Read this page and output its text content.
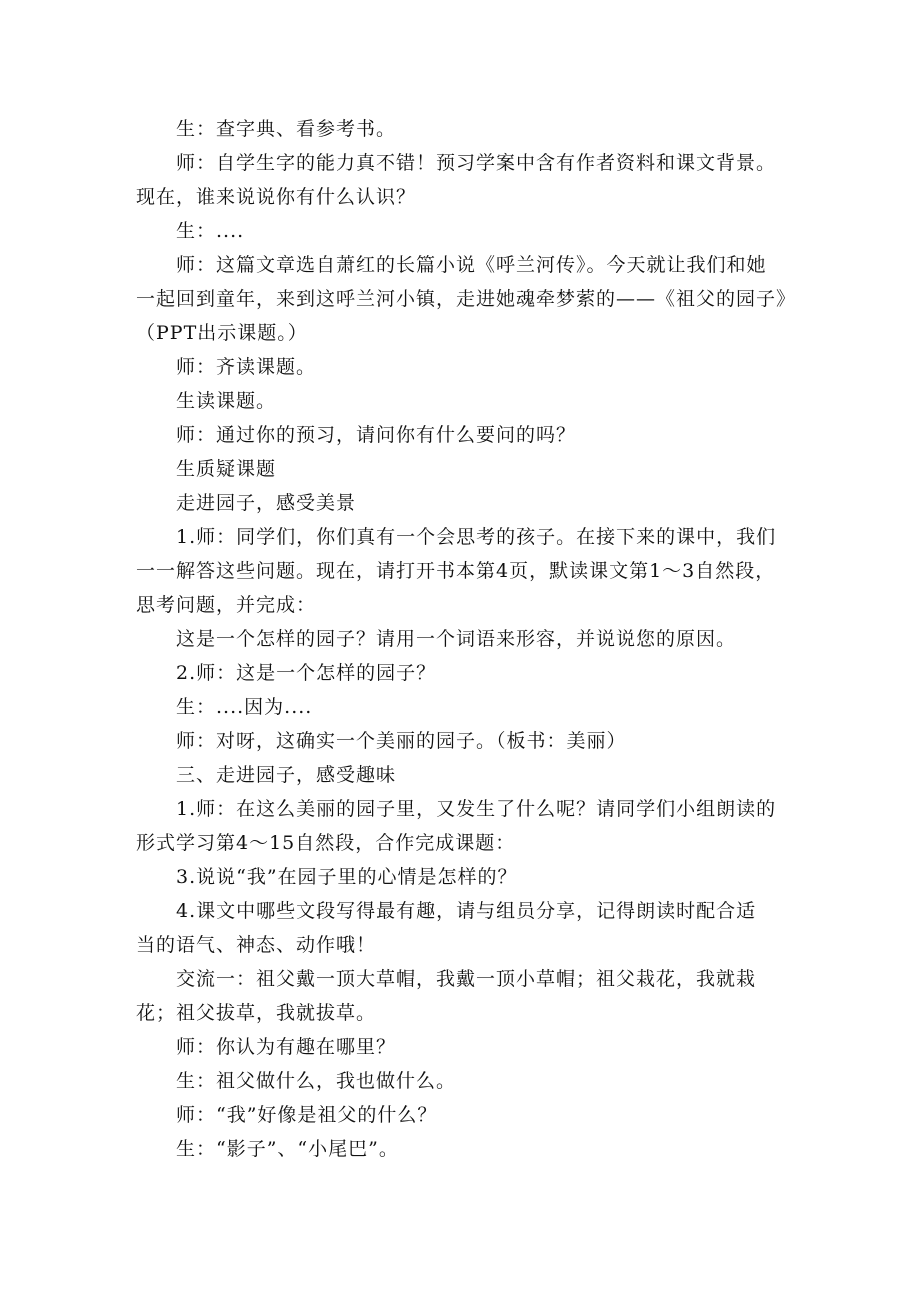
生：查字典、看参考书。
师：自学生字的能力真不错！预习学案中含有作者资料和课文背景。
现在，谁来说说你有什么认识？
生：....
师：这篇文章选自萧红的长篇小说《呼兰河传》。今天就让我们和她
一起回到童年，来到这呼兰河小镇，走进她魂牵梦萦的——《祖父的园子》
（PPT出示课题。）
师：齐读课题。
生读课题。
师：通过你的预习，请问你有什么要问的吗？
生质疑课题
走进园子，感受美景
1.师：同学们，你们真有一个会思考的孩子。在接下来的课中，我们
一一解答这些问题。现在，请打开书本第4页，默读课文第1～3自然段，
思考问题，并完成：
这是一个怎样的园子？请用一个词语来形容，并说说您的原因。
2.师：这是一个怎样的园子？
生：....因为....
师：对呀，这确实一个美丽的园子。（板书：美丽）
三、走进园子，感受趣味
1.师：在这么美丽的园子里，又发生了什么呢？请同学们小组朗读的
形式学习第4～15自然段，合作完成课题：
3.说说“我”在园子里的心情是怎样的？
4.课文中哪些文段写得最有趣，请与组员分享，记得朗读时配合适
当的语气、神态、动作哦！
交流一：祖父戴一顶大草帽，我戴一顶小草帽；祖父栽花，我就栽
花；祖父拔草，我就拔草。
师：你认为有趣在哪里？
生：祖父做什么，我也做什么。
师：“我”好像是祖父的什么？
生：“影子”、“小尾巴”。
